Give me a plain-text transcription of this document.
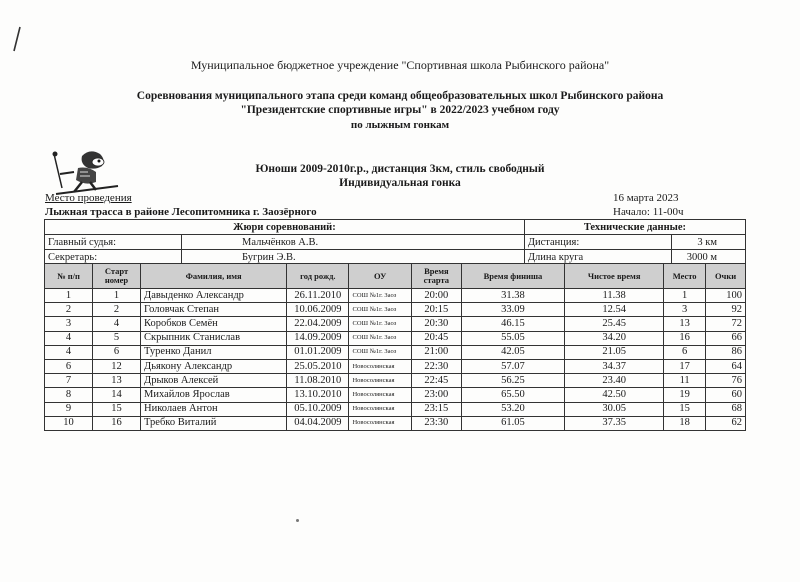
Муниципальное бюджетное учреждение "Спортивная школа Рыбинского района"
Соревнования муниципального этапа среди команд общеобразовательных школ Рыбинского района
"Президентские спортивные игры" в 2022/2023 учебном году
по лыжным гонкам
Юноши 2009-2010г.р., дистанция 3км, стиль свободный
Индивидуальная гонка
Место проведения	16 марта 2023
Лыжная трасса в районе Лесопитомника г. Заозёрного	Начало: 11-00ч
Жюри соревнований:		Технические данные:	
Главный судья:	Мальчёнков А.В.	Дистанция:	3 км
Секретарь:	Бугрин Э.В.	Длина круга	3000 м
№ п/п	Старт номер	Фамилия, имя	год рожд.	ОУ	Время старта	Время финиша	Чистое время	Место	Очки
1	1	Давыденко Александр	26.11.2010	СОШ №1г. Заоз	20:00	31.38	11.38	1	100
2	2	Головчак Степан	10.06.2009	СОШ №1г. Заоз	20:15	33.09	12.54	3	92
3	4	Коробков Семён	22.04.2009	СОШ №1г. Заоз	20:30	46.15	25.45	13	72
4	5	Скрыпник Станислав	14.09.2009	СОШ №1г. Заоз	20:45	55.05	34.20	16	66
4	6	Туренко Данил	01.01.2009	СОШ №1г. Заоз	21:00	42.05	21.05	6	86
6	12	Дьякону Александр	25.05.2010	Новосолянская	22:30	57.07	34.37	17	64
7	13	Дрыков Алексей	11.08.2010	Новосолянская	22:45	56.25	23.40	11	76
8	14	Михайлов Ярослав	13.10.2010	Новосолянская	23:00	65.50	42.50	19	60
9	15	Николаев Антон	05.10.2009	Новосолянская	23:15	53.20	30.05	15	68
10	16	Требко Виталий	04.04.2009	Новосолянская	23:30	61.05	37.35	18	62
